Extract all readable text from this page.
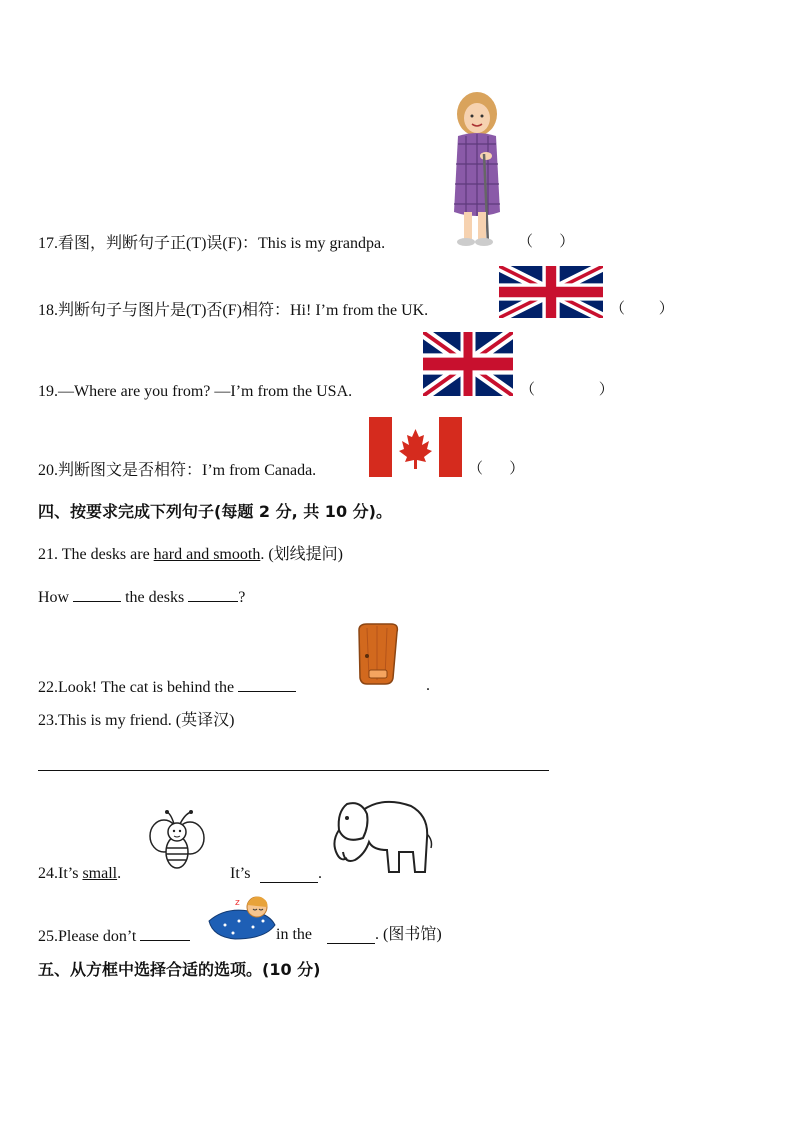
17.看图，判断句子正(T)误(F)：This is my grandpa.	（       ）
18.判断句子与图片是(T)否(F)相符：Hi! I’m from the UK.	（         ）
19.—Where are you from? —I’m from the USA.	（                 ）
20.判断图文是否相符：I’m from Canada.	（       ）
四、按要求完成下列句子(每题 2 分, 共 10 分)。
21. The desks are hard and smooth. (划线提问)
How	the desks	?
22.Look! The cat is behind the	.
23.This is my friend. (英译汉)
24.It’s small.	It’s	.
z
25.Please don’t	in the	. (图书馆)
五、从方框中选择合适的选项。(10 分)
